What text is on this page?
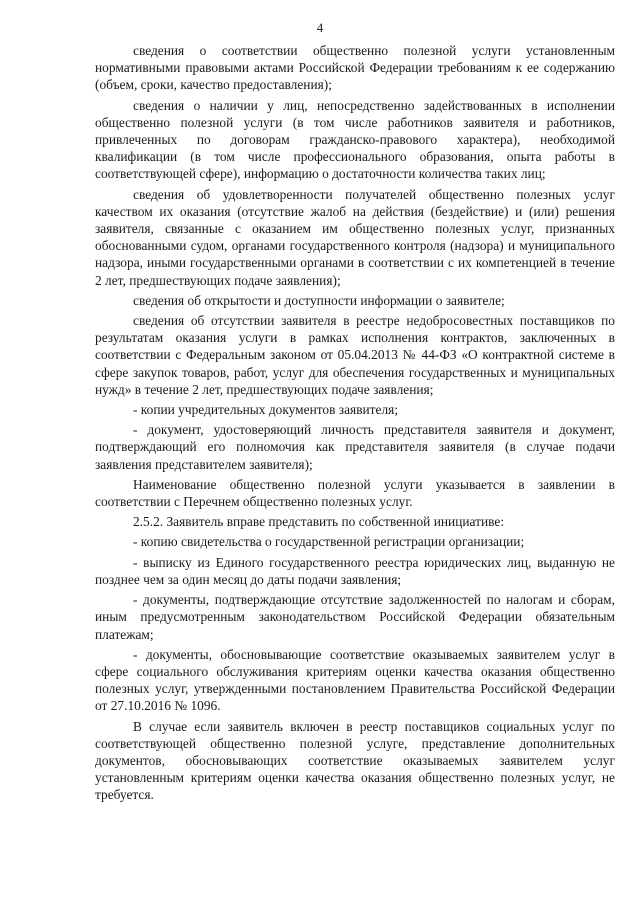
4

сведения о соответствии общественно полезной услуги установленным нормативными правовыми актами Российской Федерации требованиям к ее содержанию (объем, сроки, качество предоставления);

сведения о наличии у лиц, непосредственно задействованных в исполнении общественно полезной услуги (в том числе работников заявителя и работников, привлеченных по договорам гражданско-правового характера), необходимой квалификации (в том числе профессионального образования, опыта работы в соответствующей сфере), информацию о достаточности количества таких лиц;

сведения об удовлетворенности получателей общественно полезных услуг качеством их оказания (отсутствие жалоб на действия (бездействие) и (или) решения заявителя, связанные с оказанием им общественно полезных услуг, признанных обоснованными судом, органами государственного контроля (надзора) и муниципального надзора, иными государственными органами в соответствии с их компетенцией в течение 2 лет, предшествующих подаче заявления);

сведения об открытости и доступности информации о заявителе;

сведения об отсутствии заявителя в реестре недобросовестных поставщиков по результатам оказания услуги в рамках исполнения контрактов, заключенных в соответствии с Федеральным законом от 05.04.2013 № 44-ФЗ «О контрактной системе в сфере закупок товаров, работ, услуг для обеспечения государственных и муниципальных нужд» в течение 2 лет, предшествующих подаче заявления;

- копии учредительных документов заявителя;

- документ, удостоверяющий личность представителя заявителя и документ, подтверждающий его полномочия как представителя заявителя (в случае подачи заявления представителем заявителя);

Наименование общественно полезной услуги указывается в заявлении в соответствии с Перечнем общественно полезных услуг.

2.5.2. Заявитель вправе представить по собственной инициативе:

- копию свидетельства о государственной регистрации организации;

- выписку из Единого государственного реестра юридических лиц, выданную не позднее чем за один месяц до даты подачи заявления;

- документы, подтверждающие отсутствие задолженностей по налогам и сборам, иным предусмотренным законодательством Российской Федерации обязательным платежам;

- документы, обосновывающие соответствие оказываемых заявителем услуг в сфере социального обслуживания критериям оценки качества оказания общественно полезных услуг, утвержденными постановлением Правительства Российской Федерации от 27.10.2016 № 1096.

В случае если заявитель включен в реестр поставщиков социальных услуг по соответствующей общественно полезной услуге, представление дополнительных документов, обосновывающих соответствие оказываемых заявителем услуг установленным критериям оценки качества оказания общественно полезных услуг, не требуется.
